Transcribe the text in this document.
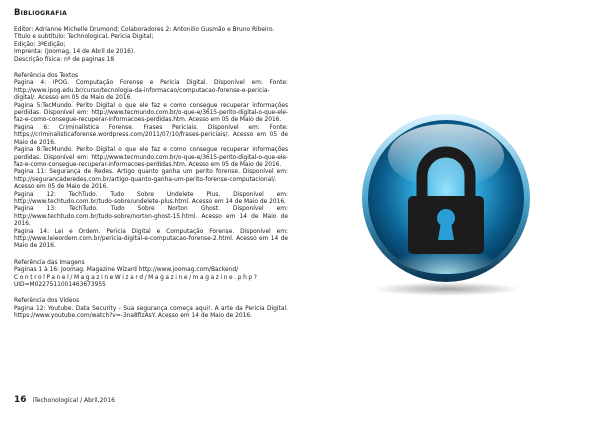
Bibliografia

Editor: Adrianne Michelle Drumond; Colaboradores 2: Antonilio Gusmão e Bruno Ribeiro.

Título e subtítulo: Technological, Pericia Digital;

Edição: 3ªEdição;

Imprenta: (Joomag, 14 de Abril de 2016).

Descrição física: nº de paginas 18

Referência dos Textos

Pagina 4: IPOG. Computação Forense e Pericia Digital. Disponível em: Fonte: http://www.ipog.edu.br/curso/tecnologia-da-informacao/computacao-forense-e-pericia-digital/. Acesso em 05 de Maio de 2016.

Pagina 5:TecMundo. Perito Digital o que ele faz e como consegue recuperar informações perdidas. Disponível em: http://www.tecmundo.com.br/o-que-e/3615-perito-digital-o-que-ele-faz-e-como-consegue-recuperar-informacoes-perdidas.htm. Acesso em 05 de Maio de 2016.

Pagina 6: Criminalística Forense. Frases Periciais. Disponível em: Fonte: https://criminalisticaforense.wordpress.com/2011/07/10/frases-periciais/. Acesso em 05 de Maio de 2016.

Pagina 8:TecMundo. Perito Digital o que ele faz e como consegue recuperar informações perdidas. Disponível em: http://www.tecmundo.com.br/o-que-e/3615-perito-digital-o-que-ele-faz-e-como-consegue-recuperar-informacoes-perdidas.htm. Acesso em 05 de Maio de 2016.

Pagina 11: Segurança de Redes. Artigo quanto ganha um perito forense. Disponível em: http://segurancaderedes.com.br/artigo-quanto-ganha-um-perito-forense-computacional/. Acesso em 05 de Maio de 2016.

Pagina 12: TechTudo. Tudo Sobre Undelete Plus. Disponível em: http://www.techtudo.com.br/tudo-sobre/undelete-plus.html. Acesso em 14 de Maio de 2016.

Pagina 13: TechTudo. Tudo Sobre Norton Ghost. Disponível em: http://www.techtudo.com.br/tudo-sobre/norton-ghost-15.html. Acesso em 14 de Maio de 2016.

Pagina 14: Lei e Ordem. Pericia Digital e Computação Forense. Disponível em: http://www.leieordem.com.br/pericia-digital-e-computacao-forense-2.html. Acesso em 14 de Maio de 2016.

Referência das Imagens

Paginas 1 à 16: Joomag. Magazine Wizard http://www.joomag.com/Backend/

ControlPanel/MagazineWizard/Magazine/magazine.php?

UID=M0227511001463673955

Referência dos Vídeos

Pagina 12: Youtube. Data Security - Sua segurança começa aqui!. A arte da Pericia Digital. https://www.youtube.com/watch?v=-3na8fizAsY. Acesso em 14 de Maio de 2016.

16 iTechonological / Abril,2016
